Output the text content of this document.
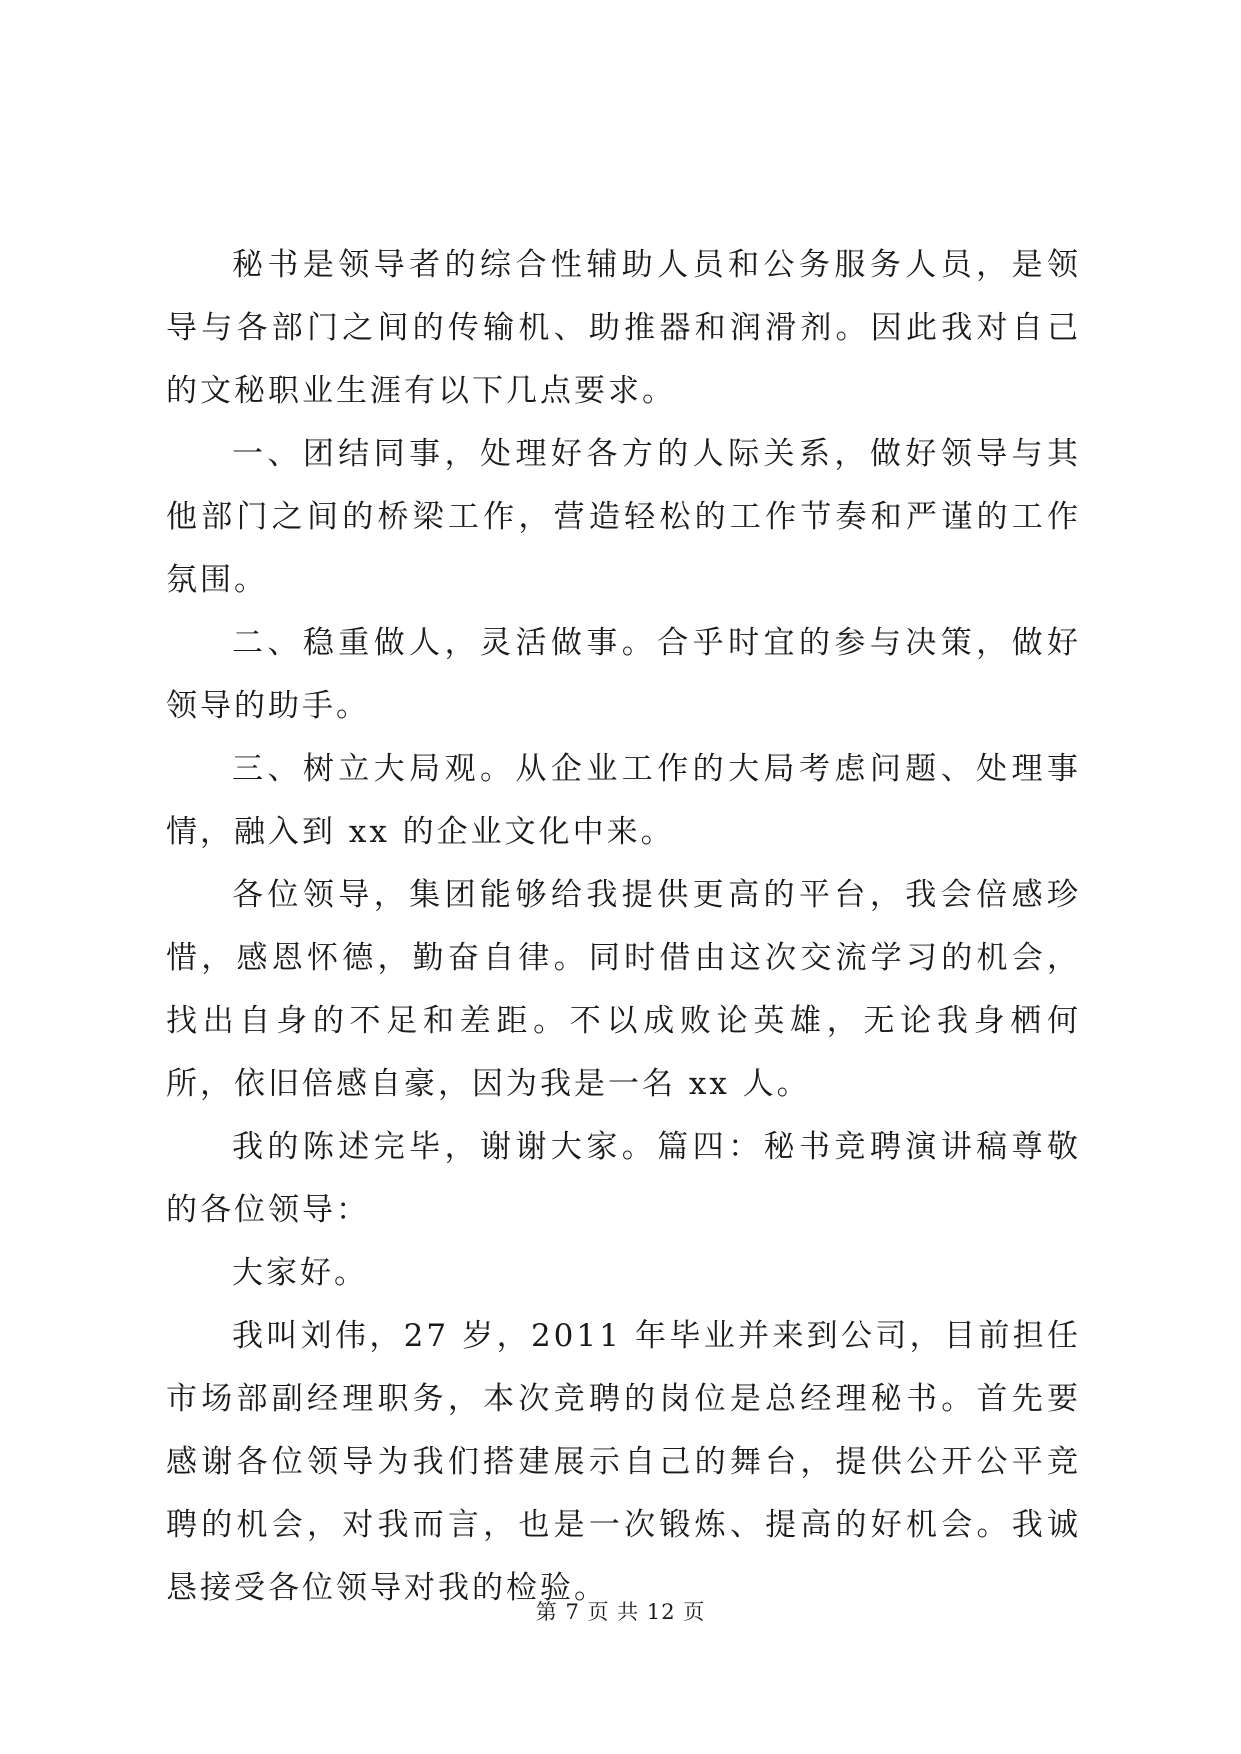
秘书是领导者的综合性辅助人员和公务服务人员，是领导与各部门之间的传输机、助推器和润滑剂。因此我对自己的文秘职业生涯有以下几点要求。

一、团结同事，处理好各方的人际关系，做好领导与其他部门之间的桥梁工作，营造轻松的工作节奏和严谨的工作氛围。

二、稳重做人，灵活做事。合乎时宜的参与决策，做好领导的助手。

三、树立大局观。从企业工作的大局考虑问题、处理事情，融入到 xx 的企业文化中来。

各位领导，集团能够给我提供更高的平台，我会倍感珍惜，感恩怀德，勤奋自律。同时借由这次交流学习的机会，找出自身的不足和差距。不以成败论英雄，无论我身栖何所，依旧倍感自豪，因为我是一名 xx 人。

我的陈述完毕，谢谢大家。篇四：秘书竞聘演讲稿尊敬的各位领导：

大家好。

我叫刘伟，27 岁，2011 年毕业并来到公司，目前担任市场部副经理职务，本次竞聘的岗位是总经理秘书。首先要感谢各位领导为我们搭建展示自己的舞台，提供公开公平竞聘的机会，对我而言，也是一次锻炼、提高的好机会。我诚恳接受各位领导对我的检验。

第 7 页 共 12 页
